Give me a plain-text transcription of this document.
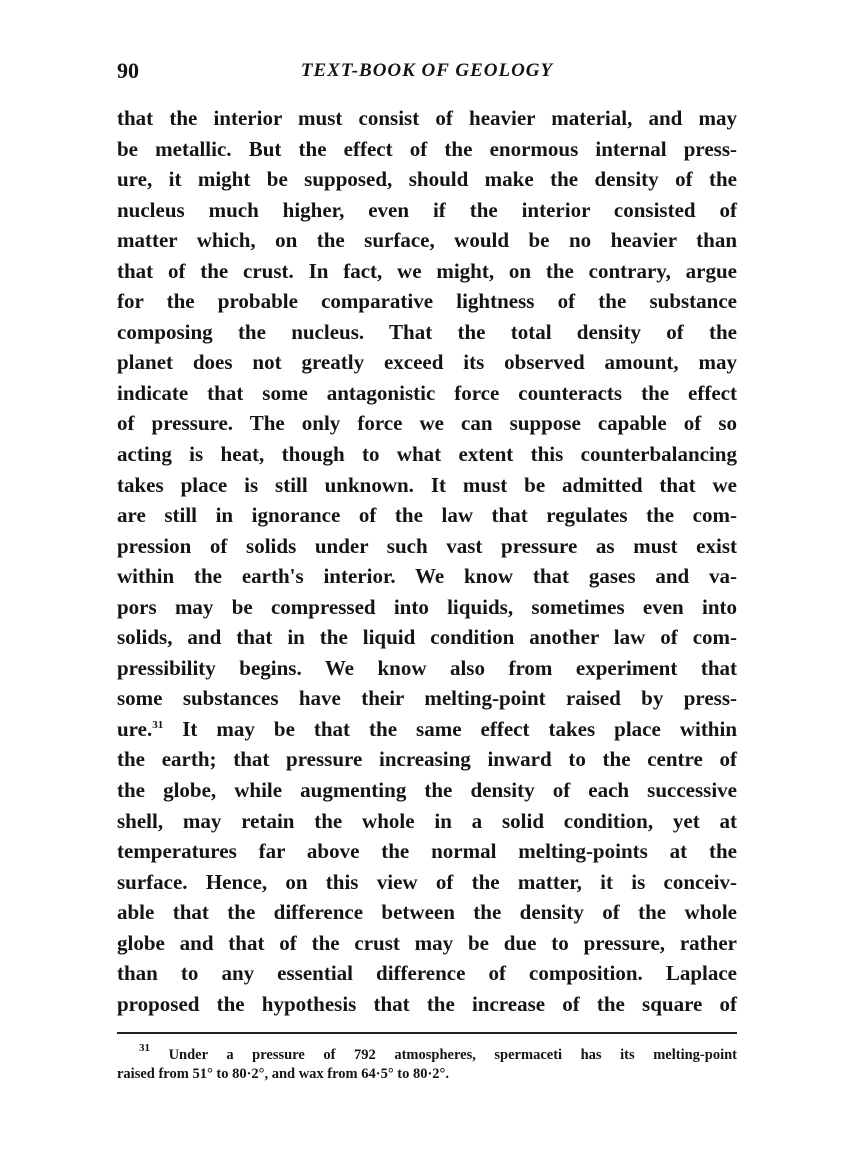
90	TEXT-BOOK OF GEOLOGY
that the interior must consist of heavier material, and may
be metallic. But the effect of the enormous internal press-
ure, it might be supposed, should make the density of the
nucleus much higher, even if the interior consisted of
matter which, on the surface, would be no heavier than
that of the crust. In fact, we might, on the contrary, argue
for the probable comparative lightness of the substance
composing the nucleus. That the total density of the
planet does not greatly exceed its observed amount, may
indicate that some antagonistic force counteracts the effect
of pressure. The only force we can suppose capable of so
acting is heat, though to what extent this counterbalancing
takes place is still unknown. It must be admitted that we
are still in ignorance of the law that regulates the com-
pression of solids under such vast pressure as must exist
within the earth's interior. We know that gases and va-
pors may be compressed into liquids, sometimes even into
solids, and that in the liquid condition another law of com-
pressibility begins. We know also from experiment that
some substances have their melting-point raised by press-
ure.$^{31}$ It may be that the same effect takes place within
the earth; that pressure increasing inward to the centre of
the globe, while augmenting the density of each successive
shell, may retain the whole in a solid condition, yet at
temperatures far above the normal melting-points at the
surface. Hence, on this view of the matter, it is conceiv-
able that the difference between the density of the whole
globe and that of the crust may be due to pressure, rather
than to any essential difference of composition. Laplace
proposed the hypothesis that the increase of the square of
$^{31}$ Under a pressure of 792 atmospheres, spermaceti has its melting-point
raised from 51° to 80·2°, and wax from 64·5° to 80·2°.
